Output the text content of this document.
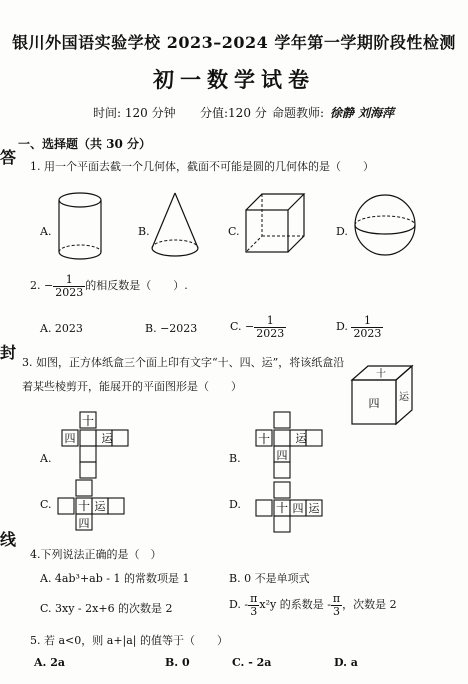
答
封
线
银川外国语实验学校 2023–2024 学年第一学期阶段性检测
初一数学试卷
时间: 120 分钟 分值:120 分 命题教师: 徐静 刘海萍
一、选择题（共 30 分）
1. 用一个平面去截一个几何体，截面不可能是圆的几何体的是（　　）
A.	B.	C.	D.
2. − $\frac{1}{2023}$ 的相反数是（　　）.
A. 2023	B. −2023	C. − $\frac{1}{2023}$	D. $\frac{1}{2023}$
3. 如图，正方体纸盒三个面上印有文字“十、四、运”，将该纸盒沿
着某些棱剪开，能展开的平面图形是（　　）
十
四 运
十
四 运
A.
十
四
运
B.
十
四
运
C.	十 四 运
D.
4.下列说法正确的是（　）
A. 4ab³+ab - 1 的常数项是 1	B. 0 不是单项式
C. 3xy - 2x+6 的次数是 2	D. - $\frac{\pi}{3} x^2y$ 的系数是 - $\frac{\pi}{3}$ ，次数是 2
5. 若 a<0，则 a+|a| 的值等于（　　）
A. 2a	B. 0	C. - 2a	D. a
